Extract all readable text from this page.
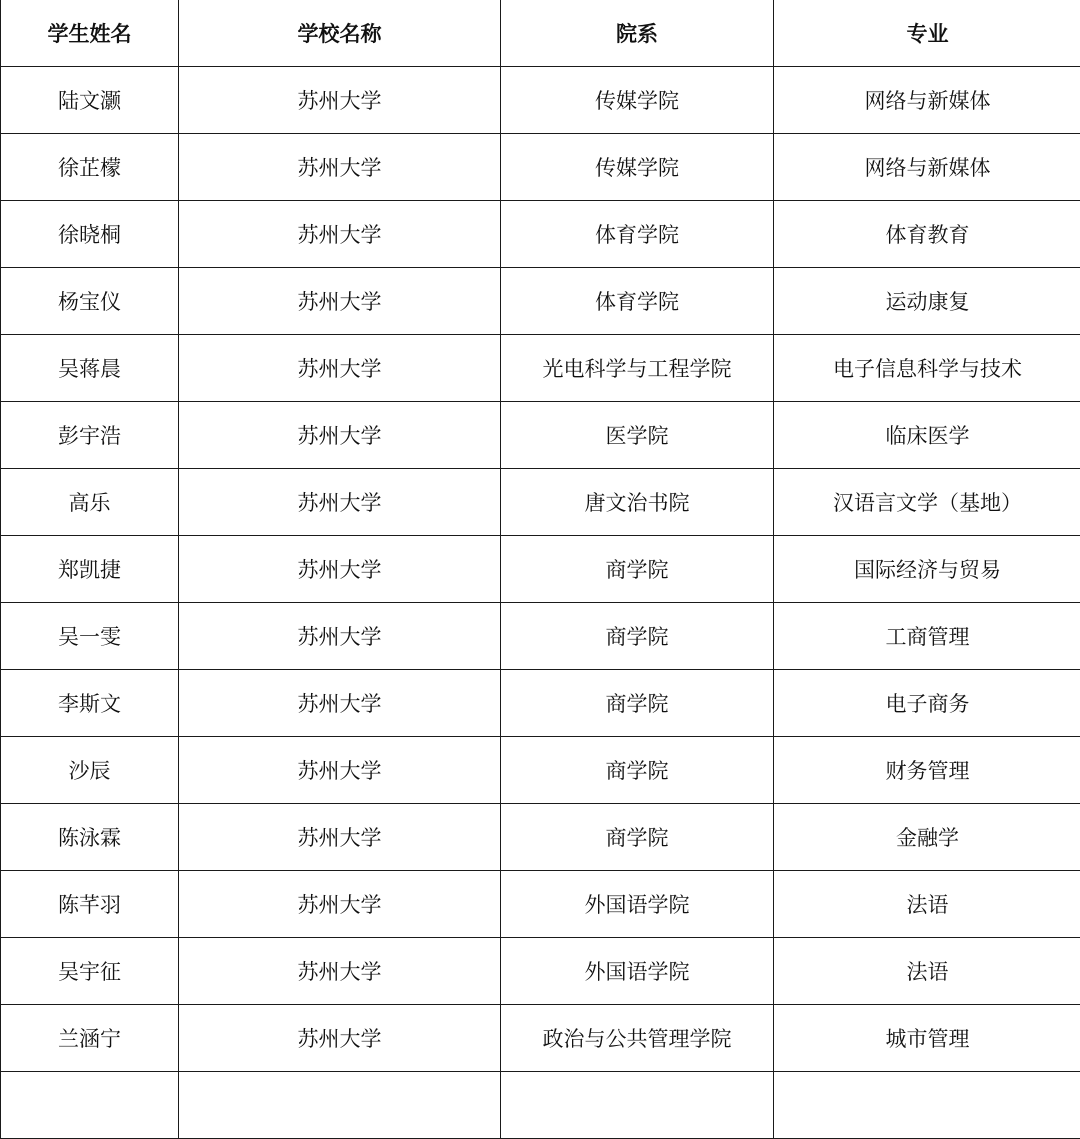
学生姓名	学校名称	院系	专业
陆文灏	苏州大学	传媒学院	网络与新媒体
徐芷檬	苏州大学	传媒学院	网络与新媒体
徐晓桐	苏州大学	体育学院	体育教育
杨宝仪	苏州大学	体育学院	运动康复
吴蒋晨	苏州大学	光电科学与工程学院	电子信息科学与技术
彭宇浩	苏州大学	医学院	临床医学
高乐	苏州大学	唐文治书院	汉语言文学（基地）
郑凯捷	苏州大学	商学院	国际经济与贸易
吴一雯	苏州大学	商学院	工商管理
李斯文	苏州大学	商学院	电子商务
沙辰	苏州大学	商学院	财务管理
陈泳霖	苏州大学	商学院	金融学
陈芊羽	苏州大学	外国语学院	法语
吴宇征	苏州大学	外国语学院	法语
兰涵宁	苏州大学	政治与公共管理学院	城市管理
